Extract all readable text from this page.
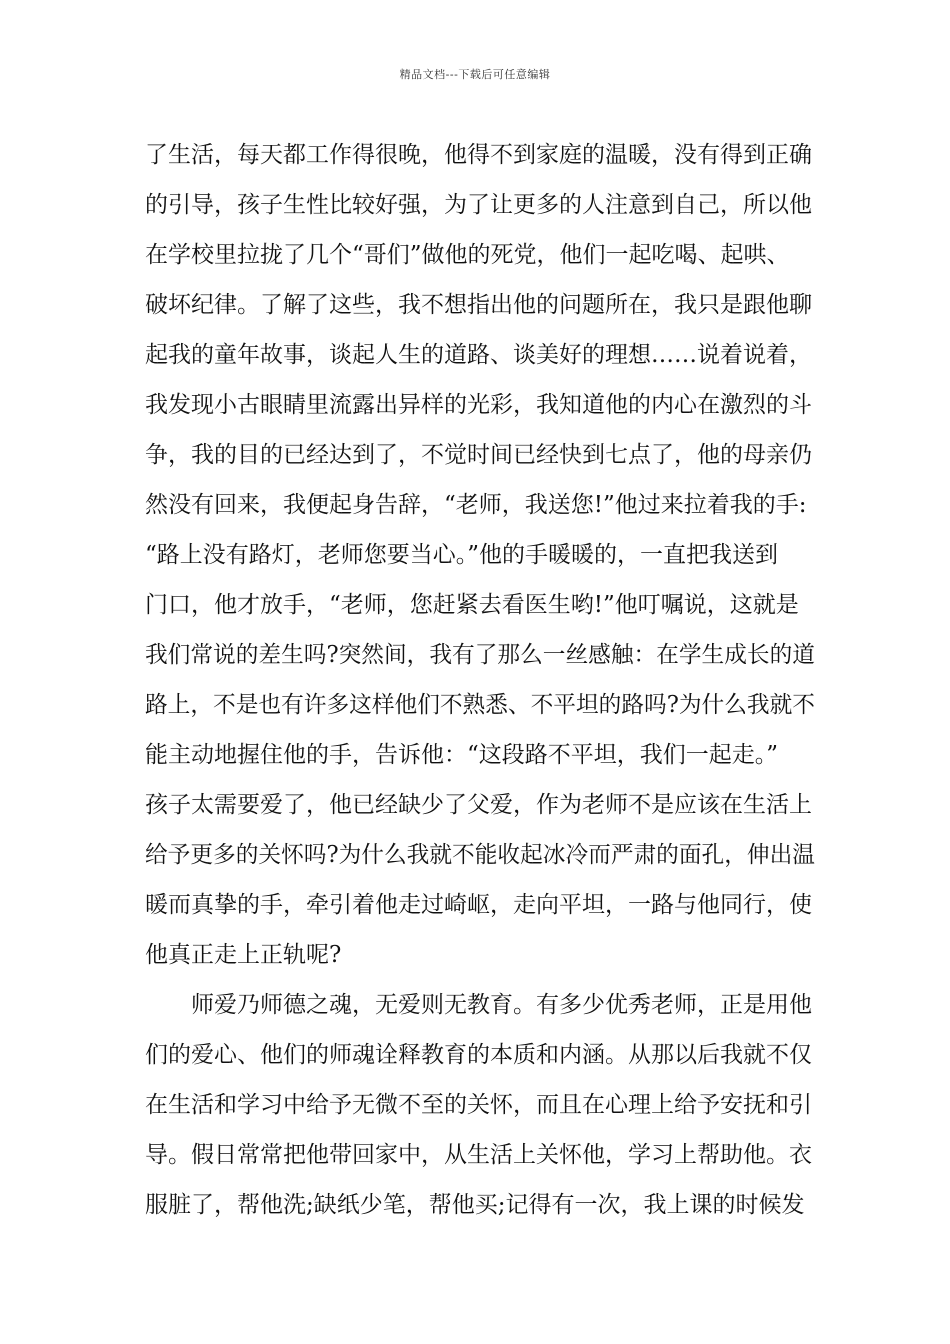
精品文档---下载后可任意编辑
了生活，每天都工作得很晚，他得不到家庭的温暖，没有得到正确
的引导，孩子生性比较好强，为了让更多的人注意到自己，所以他
在学校里拉拢了几个“哥们”做他的死党，他们一起吃喝、起哄、
破坏纪律。了解了这些，我不想指出他的问题所在，我只是跟他聊
起我的童年故事，谈起人生的道路、谈美好的理想……说着说着，
我发现小古眼睛里流露出异样的光彩，我知道他的内心在激烈的斗
争，我的目的已经达到了，不觉时间已经快到七点了，他的母亲仍
然没有回来，我便起身告辞，“老师，我送您!”他过来拉着我的手:
“路上没有路灯，老师您要当心。”他的手暖暖的，一直把我送到
门口，他才放手，“老师，您赶紧去看医生哟!”他叮嘱说，这就是
我们常说的差生吗?突然间，我有了那么一丝感触：在学生成长的道
路上，不是也有许多这样他们不熟悉、不平坦的路吗?为什么我就不
能主动地握住他的手，告诉他：“这段路不平坦，我们一起走。”
孩子太需要爱了，他已经缺少了父爱，作为老师不是应该在生活上
给予更多的关怀吗?为什么我就不能收起冰冷而严肃的面孔，伸出温
暖而真挚的手，牵引着他走过崎岖，走向平坦，一路与他同行，使
他真正走上正轨呢?
师爱乃师德之魂，无爱则无教育。有多少优秀老师，正是用他
们的爱心、他们的师魂诠释教育的本质和内涵。从那以后我就不仅
在生活和学习中给予无微不至的关怀，而且在心理上给予安抚和引
导。假日常常把他带回家中，从生活上关怀他，学习上帮助他。衣
服脏了，帮他洗;缺纸少笔，帮他买;记得有一次，我上课的时候发
